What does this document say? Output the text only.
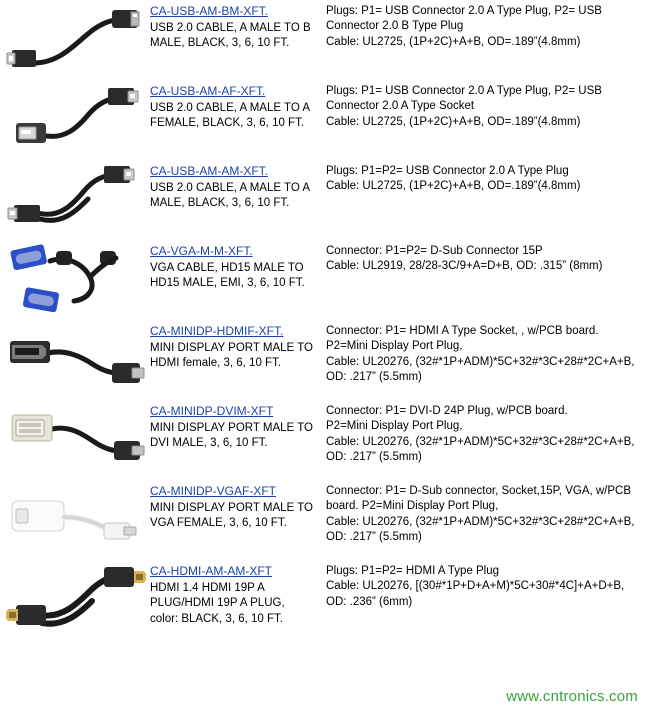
CA-USB-AM-BM-XFT.
USB 2.0 CABLE, A MALE TO B MALE, BLACK, 3, 6, 10 FT.
Plugs: P1= USB Connector 2.0 A Type Plug, P2= USB Connector 2.0 B Type Plug
Cable: UL2725, (1P+2C)+A+B, OD=.189”(4.8mm)
CA-USB-AM-AF-XFT.
USB 2.0 CABLE, A MALE TO A FEMALE, BLACK, 3, 6, 10 FT.
Plugs: P1= USB Connector 2.0 A Type Plug, P2= USB Connector 2.0 A Type Socket
Cable: UL2725, (1P+2C)+A+B, OD=.189”(4.8mm)
CA-USB-AM-AM-XFT.
USB 2.0 CABLE, A MALE TO A MALE, BLACK, 3, 6, 10 FT.
Plugs: P1=P2= USB Connector 2.0 A Type Plug
Cable: UL2725, (1P+2C)+A+B, OD=.189”(4.8mm)
CA-VGA-M-M-XFT.
VGA CABLE, HD15 MALE TO HD15 MALE, EMI, 3, 6, 10 FT.
Connector: P1=P2= D-Sub Connector 15P
Cable: UL2919, 28/28-3C/9+A=D+B, OD: .315” (8mm)
CA-MINIDP-HDMIF-XFT.
MINI DISPLAY PORT MALE TO HDMI female, 3, 6, 10 FT.
Connector: P1= HDMI A Type Socket, , w/PCB board.
P2=Mini Display Port Plug,
Cable: UL20276, (32#*1P+ADM)*5C+32#*3C+28#*2C+A+B, OD: .217” (5.5mm)
CA-MINIDP-DVIM-XFT
MINI DISPLAY PORT MALE TO DVI MALE, 3, 6, 10 FT.
Connector: P1= DVI-D 24P Plug, w/PCB board.
P2=Mini Display Port Plug,
Cable: UL20276, (32#*1P+ADM)*5C+32#*3C+28#*2C+A+B, OD: .217” (5.5mm)
CA-MINIDP-VGAF-XFT
MINI DISPLAY PORT MALE TO VGA FEMALE, 3, 6, 10 FT.
Connector: P1= D-Sub connector, Socket,15P, VGA, w/PCB board. P2=Mini Display Port Plug,
Cable: UL20276, (32#*1P+ADM)*5C+32#*3C+28#*2C+A+B, OD: .217” (5.5mm)
CA-HDMI-AM-AM-XFT
HDMI 1.4 HDMI 19P A PLUG/HDMI 19P A PLUG, color: BLACK, 3, 6, 10 FT.
Plugs: P1=P2= HDMI A Type Plug
Cable: UL20276, [(30#*1P+D+A+M)*5C+30#*4C]+A+D+B, OD: .236” (6mm)
www.cntronics.com
